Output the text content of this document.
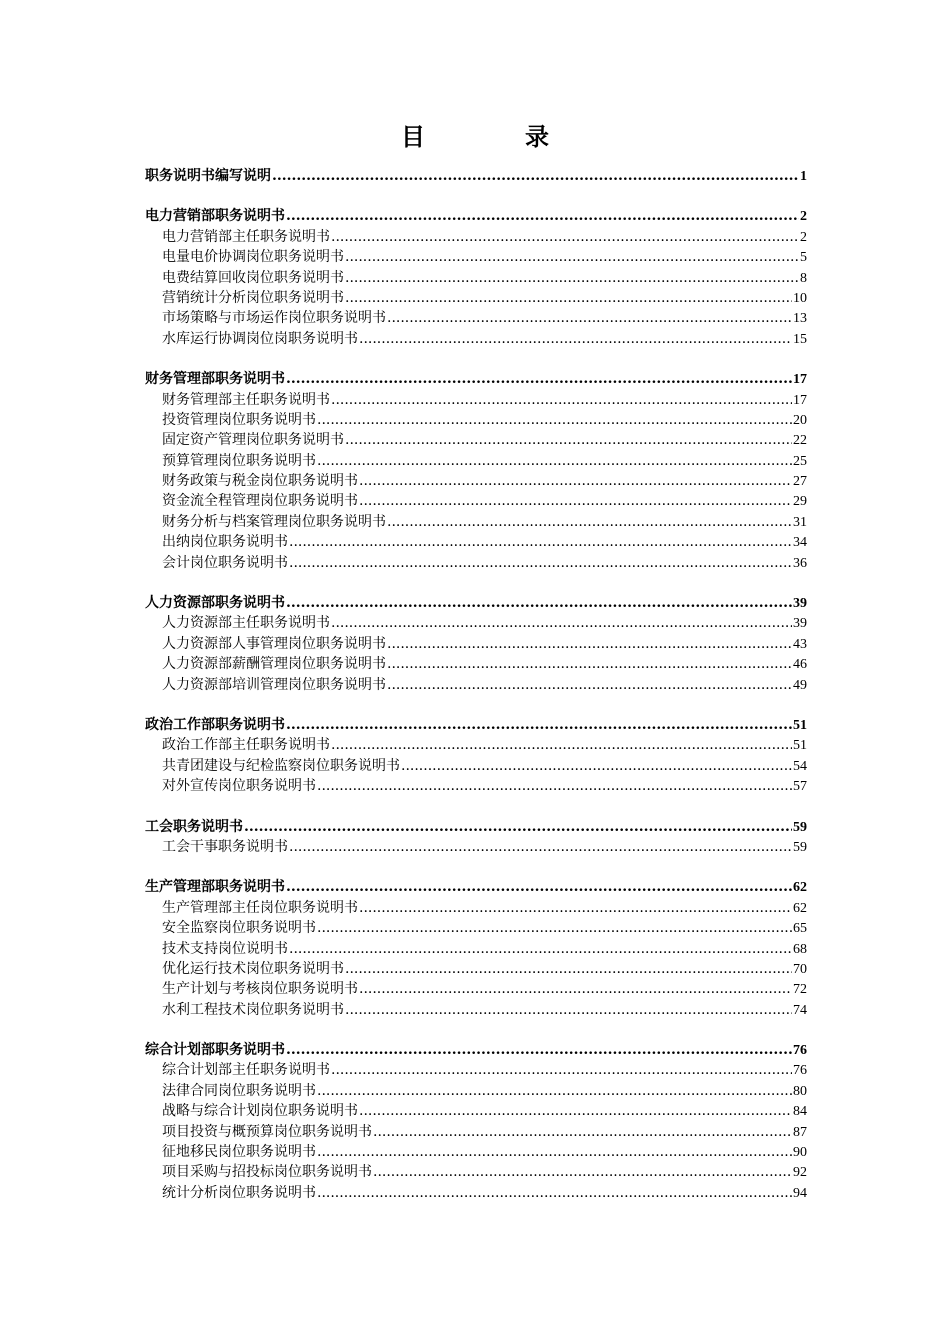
目	录
职务说明书编写说明 .....	1
电力营销部职务说明书 .....	2
电力营销部主任职务说明书 .....	2
电量电价协调岗位职务说明书 .....	5
电费结算回收岗位职务说明书 .....	8
营销统计分析岗位职务说明书 .....	10
市场策略与市场运作岗位职务说明书 .....	13
水库运行协调岗位岗职务说明书 .....	15
财务管理部职务说明书 .....	17
财务管理部主任职务说明书 .....	17
投资管理岗位职务说明书 .....	20
固定资产管理岗位职务说明书 .....	22
预算管理岗位职务说明书 .....	25
财务政策与税金岗位职务说明书 .....	27
资金流全程管理岗位职务说明书 .....	29
财务分析与档案管理岗位职务说明书 .....	31
出纳岗位职务说明书 .....	34
会计岗位职务说明书 .....	36
人力资源部职务说明书 .....	39
人力资源部主任职务说明书 .....	39
人力资源部人事管理岗位职务说明书 .....	43
人力资源部薪酬管理岗位职务说明书 .....	46
人力资源部培训管理岗位职务说明书 .....	49
政治工作部职务说明书 .....	51
政治工作部主任职务说明书 .....	51
共青团建设与纪检监察岗位职务说明书 .....	54
对外宣传岗位职务说明书 .....	57
工会职务说明书 .....	59
工会干事职务说明书 .....	59
生产管理部职务说明书 .....	62
生产管理部主任岗位职务说明书 .....	62
安全监察岗位职务说明书 .....	65
技术支持岗位说明书 .....	68
优化运行技术岗位职务说明书 .....	70
生产计划与考核岗位职务说明书 .....	72
水利工程技术岗位职务说明书 .....	74
综合计划部职务说明书 .....	76
综合计划部主任职务说明书 .....	76
法律合同岗位职务说明书 .....	80
战略与综合计划岗位职务说明书 .....	84
项目投资与概预算岗位职务说明书 .....	87
征地移民岗位职务说明书 .....	90
项目采购与招投标岗位职务说明书 .....	92
统计分析岗位职务说明书 .....	94
